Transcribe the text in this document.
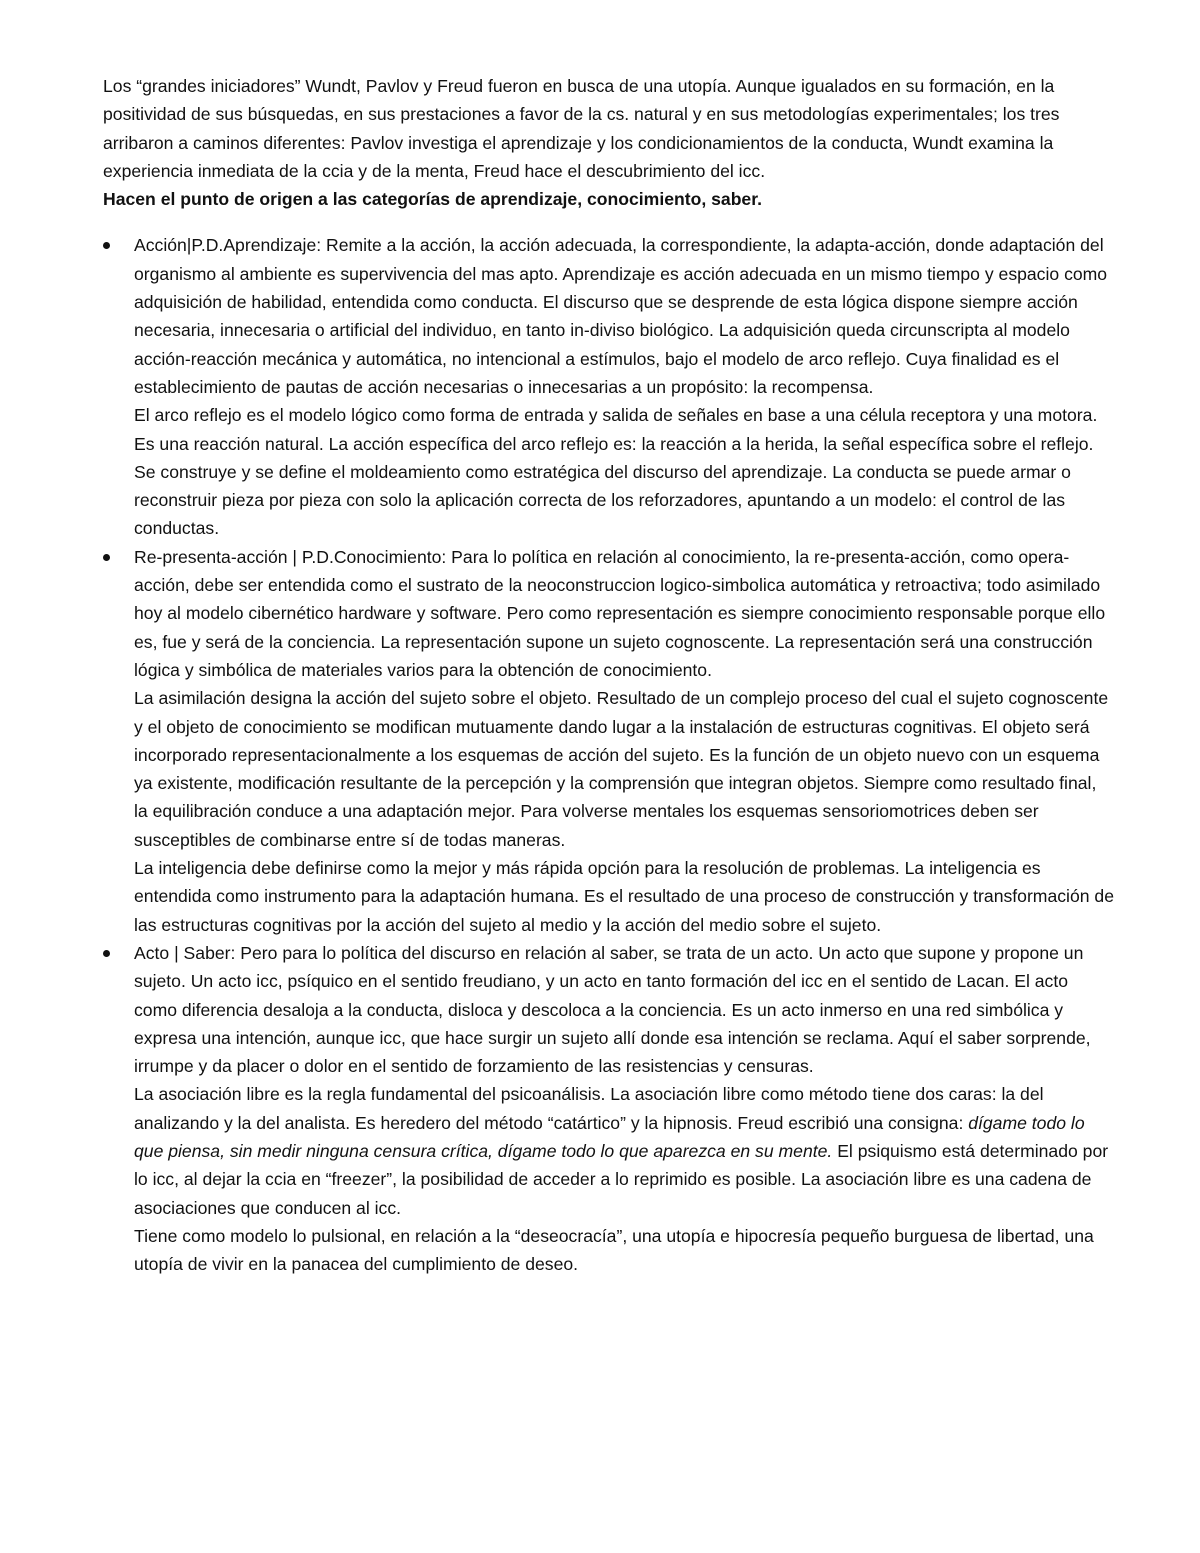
Los “grandes iniciadores” Wundt, Pavlov y Freud fueron en busca de una utopía. Aunque igualados en su formación, en la positividad de sus búsquedas, en sus prestaciones a favor de la cs. natural y en sus metodologías experimentales; los tres arribaron a caminos diferentes: Pavlov investiga el aprendizaje y los condicionamientos de la conducta, Wundt examina la experiencia inmediata de la ccia y de la menta, Freud hace el descubrimiento del icc.

Hacen el punto de origen a las categorías de aprendizaje, conocimiento, saber.

Acción|P.D.Aprendizaje: Remite a la acción, la acción adecuada, la correspondiente, la adapta-acción, donde adaptación del organismo al ambiente es supervivencia del mas apto. Aprendizaje es acción adecuada en un mismo tiempo y espacio como adquisición de habilidad, entendida como conducta. El discurso que se desprende de esta lógica dispone siempre acción necesaria, innecesaria o artificial del individuo, en tanto in-diviso biológico. La adquisición queda circunscripta al modelo acción-reacción mecánica y automática, no intencional a estímulos, bajo el modelo de arco reflejo. Cuya finalidad es el establecimiento de pautas de acción necesarias o innecesarias a un propósito: la recompensa.

El arco reflejo es el modelo lógico como forma de entrada y salida de señales en base a una célula receptora y una motora. Es una reacción natural. La acción específica del arco reflejo es: la reacción a la herida, la señal específica sobre el reflejo.

Se construye y se define el moldeamiento como estratégica del discurso del aprendizaje. La conducta se puede armar o reconstruir pieza por pieza con solo la aplicación correcta de los reforzadores, apuntando a un modelo: el control de las conductas.

Re-presenta-acción | P.D.Conocimiento: Para lo política en relación al conocimiento, la re-presenta-acción, como opera-acción, debe ser entendida como el sustrato de la neoconstruccion logico-simbolica automática y retroactiva; todo asimilado hoy al modelo cibernético hardware y software. Pero como representación es siempre conocimiento responsable porque ello es, fue y será de la conciencia. La representación supone un sujeto cognoscente. La representación será una construcción lógica y simbólica de materiales varios para la obtención de conocimiento.

La asimilación designa la acción del sujeto sobre el objeto. Resultado de un complejo proceso del cual el sujeto cognoscente y el objeto de conocimiento se modifican mutuamente dando lugar a la instalación de estructuras cognitivas. El objeto será incorporado representacionalmente a los esquemas de acción del sujeto. Es la función de un objeto nuevo con un esquema ya existente, modificación resultante de la percepción y la comprensión que integran objetos. Siempre como resultado final, la equilibración conduce a una adaptación mejor. Para volverse mentales los esquemas sensoriomotrices deben ser susceptibles de combinarse entre sí de todas maneras.

La inteligencia debe definirse como la mejor y más rápida opción para la resolución de problemas. La inteligencia es entendida como instrumento para la adaptación humana. Es el resultado de una proceso de construcción y transformación de las estructuras cognitivas por la acción del sujeto al medio y la acción del medio sobre el sujeto.

Acto | Saber: Pero para lo política del discurso en relación al saber, se trata de un acto. Un acto que supone y propone un sujeto. Un acto icc, psíquico en el sentido freudiano, y un acto en tanto formación del icc en el sentido de Lacan. El acto como diferencia desaloja a la conducta, disloca y descoloca a la conciencia. Es un acto inmerso en una red simbólica y expresa una intención, aunque icc, que hace surgir un sujeto allí donde esa intención se reclama. Aquí el saber sorprende, irrumpe y da placer o dolor en el sentido de forzamiento de las resistencias y censuras.

La asociación libre es la regla fundamental del psicoanálisis. La asociación libre como método tiene dos caras: la del analizando y la del analista. Es heredero del método “catártico” y la hipnosis. Freud escribió una consigna: dígame todo lo que piensa, sin medir ninguna censura crítica, dígame todo lo que aparezca en su mente. El psiquismo está determinado por lo icc, al dejar la ccia en “freezer”, la posibilidad de acceder a lo reprimido es posible. La asociación libre es una cadena de asociaciones que conducen al icc.

Tiene como modelo lo pulsional, en relación a la “deseocracía”, una utopía e hipocresía pequeño burguesa de libertad, una utopía de vivir en la panacea del cumplimiento de deseo.
